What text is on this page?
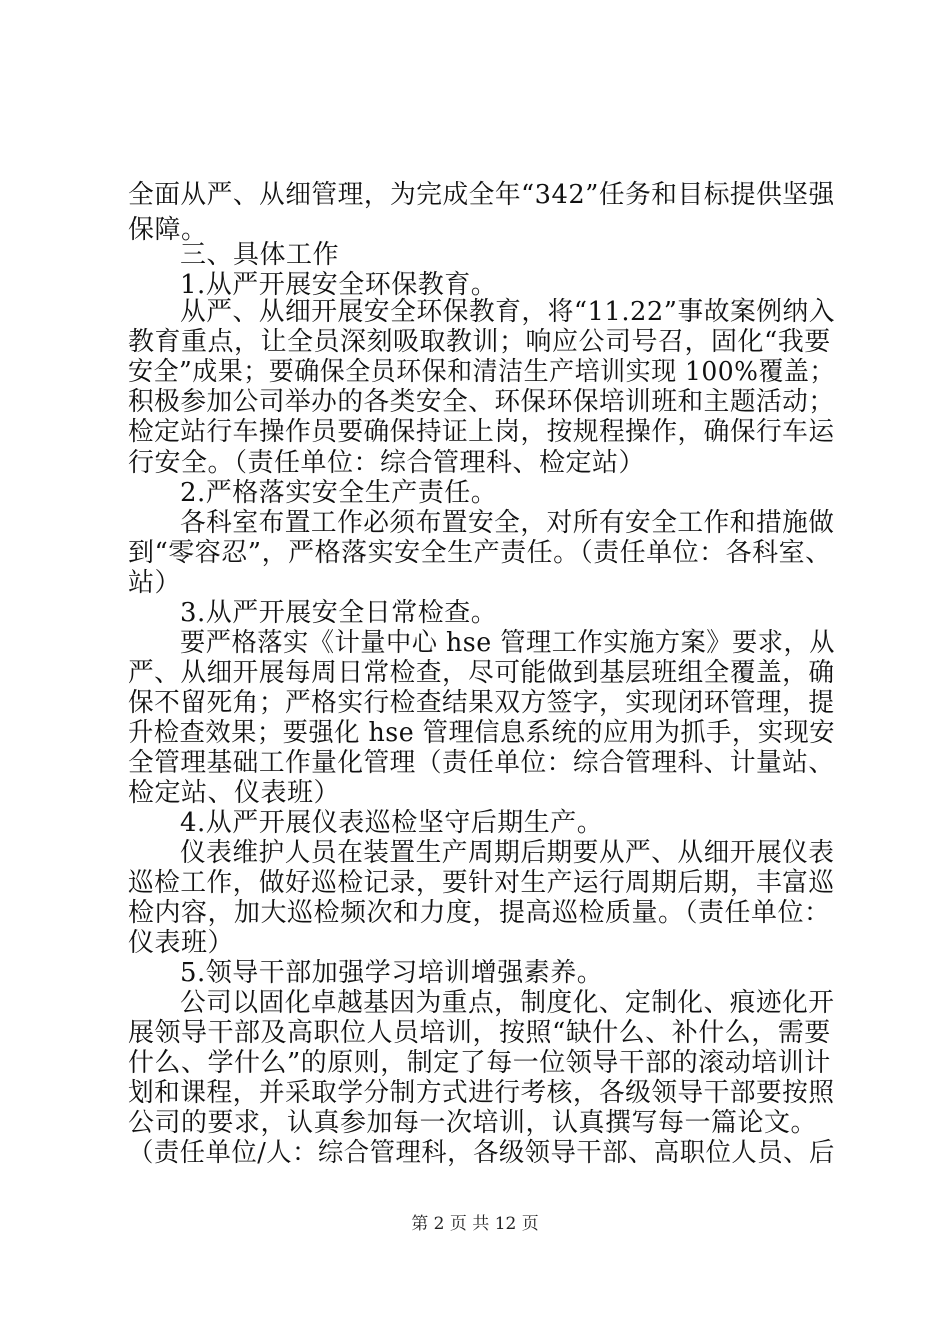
全面从严、从细管理，为完成全年“342”任务和目标提供坚强
保障。
三、具体工作
1.从严开展安全环保教育。
从严、从细开展安全环保教育，将“11.22”事故案例纳入
教育重点，让全员深刻吸取教训；响应公司号召，固化“我要
安全”成果；要确保全员环保和清洁生产培训实现 100%覆盖；
积极参加公司举办的各类安全、环保环保培训班和主题活动；
检定站行车操作员要确保持证上岗，按规程操作，确保行车运
行安全。（责任单位：综合管理科、检定站）
2.严格落实安全生产责任。
各科室布置工作必须布置安全，对所有安全工作和措施做
到“零容忍”，严格落实安全生产责任。（责任单位：各科室、
站）
3.从严开展安全日常检查。
要严格落实《计量中心 hse 管理工作实施方案》要求，从
严、从细开展每周日常检查，尽可能做到基层班组全覆盖，确
保不留死角；严格实行检查结果双方签字，实现闭环管理，提
升检查效果；要强化 hse 管理信息系统的应用为抓手，实现安
全管理基础工作量化管理（责任单位：综合管理科、计量站、
检定站、仪表班）
4.从严开展仪表巡检坚守后期生产。
仪表维护人员在装置生产周期后期要从严、从细开展仪表
巡检工作，做好巡检记录，要针对生产运行周期后期，丰富巡
检内容，加大巡检频次和力度，提高巡检质量。（责任单位：
仪表班）
5.领导干部加强学习培训增强素养。
公司以固化卓越基因为重点，制度化、定制化、痕迹化开
展领导干部及高职位人员培训，按照“缺什么、补什么，需要
什么、学什么”的原则，制定了每一位领导干部的滚动培训计
划和课程，并采取学分制方式进行考核，各级领导干部要按照
公司的要求，认真参加每一次培训，认真撰写每一篇论文。
（责任单位/人：综合管理科，各级领导干部、高职位人员、后
第 2 页 共 12 页
